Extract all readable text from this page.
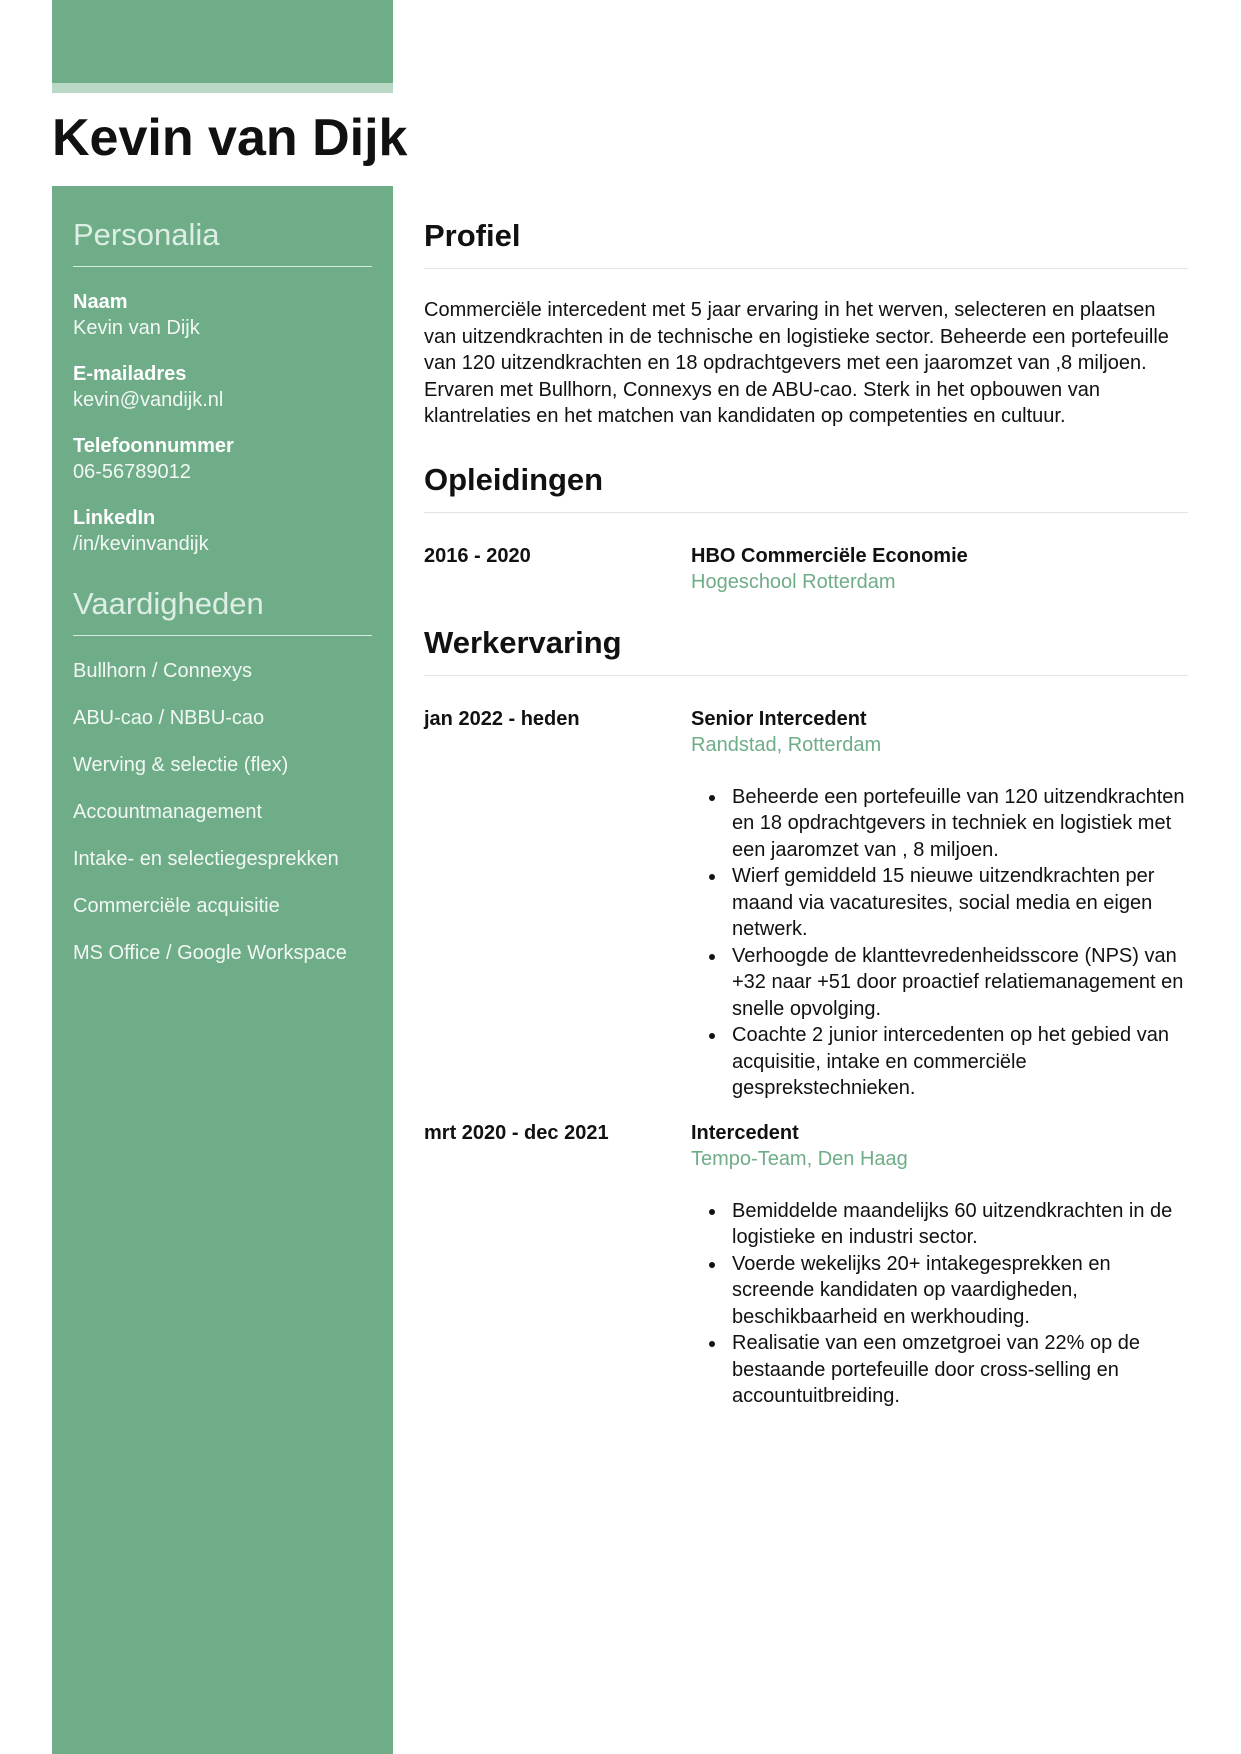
Kevin van Dijk
Personalia
Naam
Kevin van Dijk
E-mailadres
kevin@vandijk.nl
Telefoonnummer
06-56789012
LinkedIn
/in/kevinvandijk
Vaardigheden
Bullhorn / Connexys
ABU-cao / NBBU-cao
Werving & selectie (flex)
Accountmanagement
Intake- en selectiegesprekken
Commerciële acquisitie
MS Office / Google Workspace
Profiel

Commerciële intercedent met 5 jaar ervaring in het werven, selecteren en plaatsen van uitzendkrachten in de technische en logistieke sector. Beheerde een portefeuille van 120 uitzendkrachten en 18 opdrachtgevers met een jaaromzet van ,8 miljoen. Ervaren met Bullhorn, Connexys en de ABU-cao. Sterk in het opbouwen van klantrelaties en het matchen van kandidaten op competenties en cultuur.

Opleidingen
2016 - 2020	HBO Commerciële Economie
Hogeschool Rotterdam
Werkervaring
jan 2022 - heden	Senior Intercedent
Randstad, Rotterdam
Beheerde een portefeuille van 120 uitzendkrachten en 18 opdrachtgevers in techniek en logistiek met een jaaromzet van , 8 miljoen.
Wierf gemiddeld 15 nieuwe uitzendkrachten per maand via vacaturesites, social media en eigen netwerk.
Verhoogde de klanttevredenheidsscore (NPS) van +32 naar +51 door proactief relatiemanagement en snelle opvolging.
Coachte 2 junior intercedenten op het gebied van acquisitie, intake en commerciële gesprekstechnieken.
mrt 2020 - dec 2021	Intercedent
Tempo-Team, Den Haag
Bemiddelde maandelijks 60 uitzendkrachten in de logistieke en industri sector.
Voerde wekelijks 20+ intakegesprekken en screende kandidaten op vaardigheden, beschikbaarheid en werkhouding.
Realisatie van een omzetgroei van 22% op de bestaande portefeuille door cross-selling en accountuitbreiding.
